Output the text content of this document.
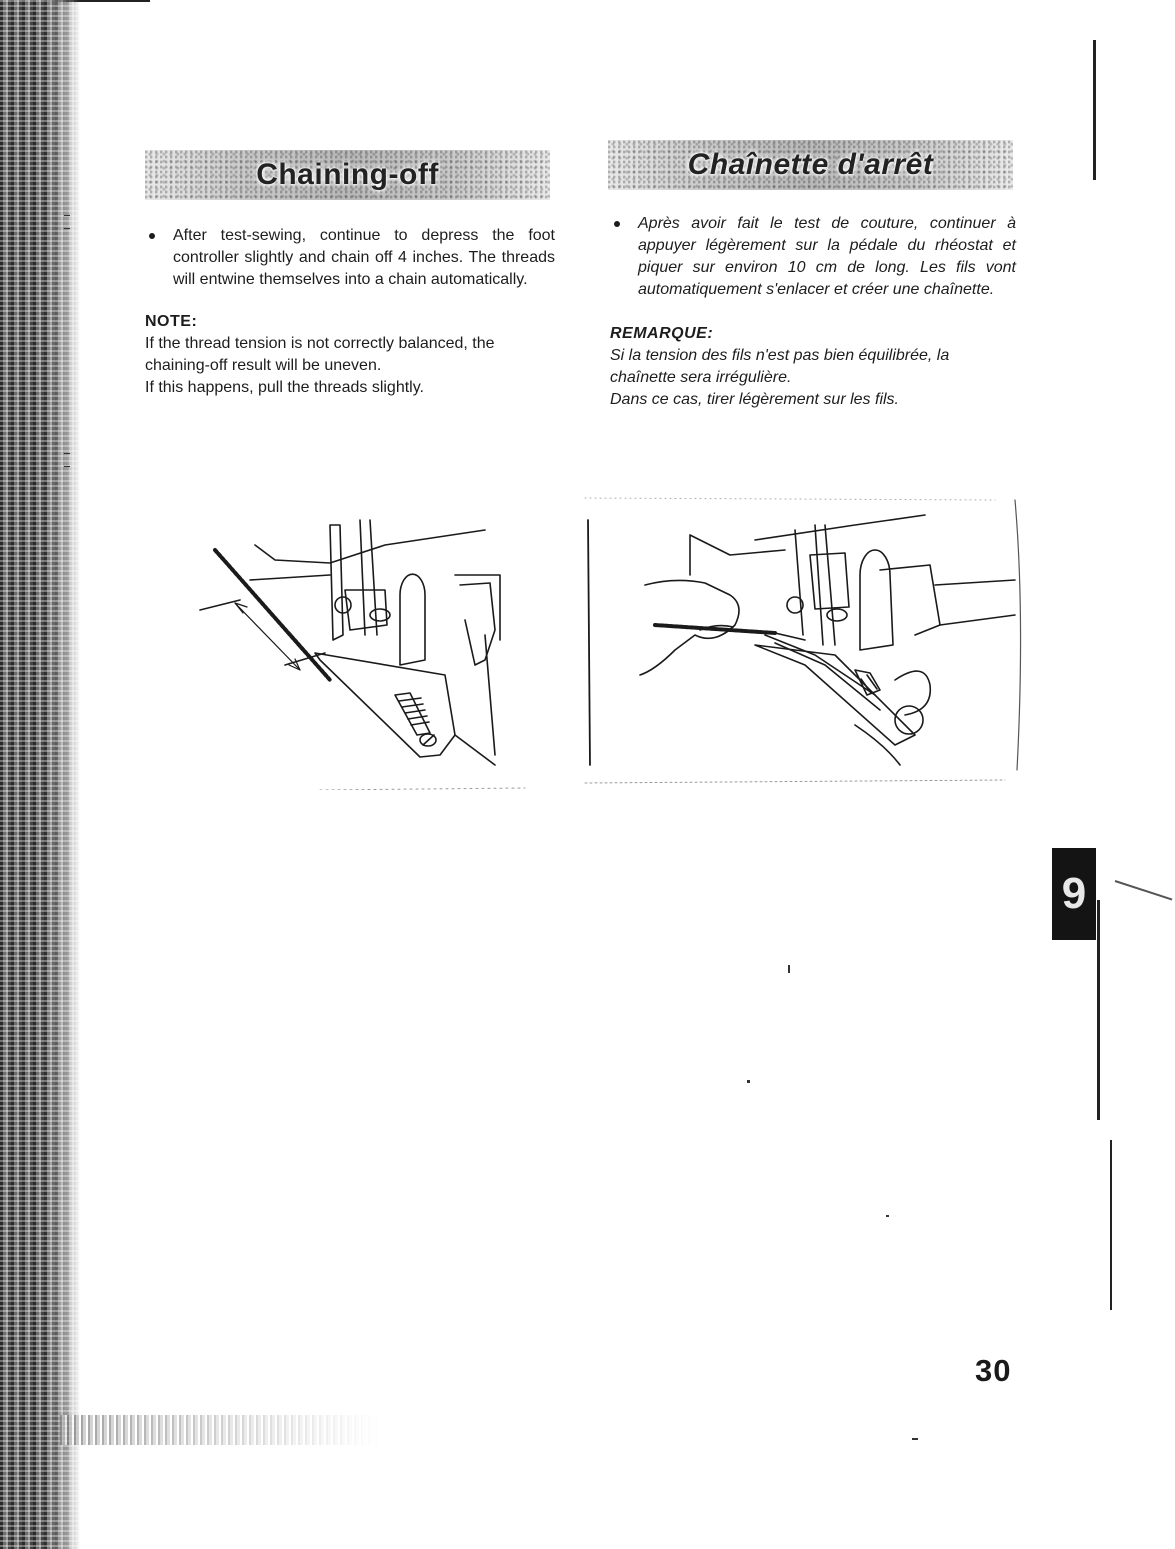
Chaining-off
After test-sewing, continue to depress the foot controller slightly and chain off 4 inches. The threads will entwine themselves into a chain automatically.
NOTE:

If the thread tension is not correctly balanced, the chaining-off result will be uneven.

If this happens, pull the threads slightly.

Chaînette d'arrêt
Après avoir fait le test de couture, continuer à appuyer légèrement sur la pédale du rhéostat et piquer sur environ 10 cm de long. Les fils vont automatiquement s'enlacer et créer une chaînette.
REMARQUE:

Si la tension des fils n'est pas bien équilibrée, la chaînette sera irrégulière.

Dans ce cas, tirer légèrement sur les fils.

9
30
